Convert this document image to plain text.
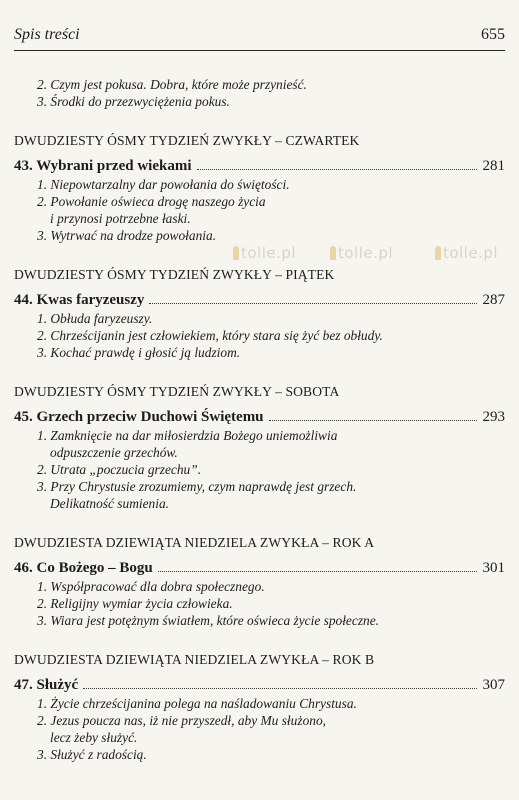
Spis treści	655
tolle.pl	tolle.pl	tolle.pl
2. Czym jest pokusa. Dobra, które może przynieść.
3. Środki do przezwyciężenia pokus.
DWUDZIESTY ÓSMY TYDZIEŃ ZWYKŁY – CZWARTEK
43. Wybrani przed wiekami	281
1. Niepowtarzalny dar powołania do świętości.
2. Powołanie oświeca drogę naszego życia
i przynosi potrzebne łaski.
3. Wytrwać na drodze powołania.
DWUDZIESTY ÓSMY TYDZIEŃ ZWYKŁY – PIĄTEK
44. Kwas faryzeuszy	287
1. Obłuda faryzeuszy.
2. Chrześcijanin jest człowiekiem, który stara się żyć bez obłudy.
3. Kochać prawdę i głosić ją ludziom.
DWUDZIESTY ÓSMY TYDZIEŃ ZWYKŁY – SOBOTA
45. Grzech przeciw Duchowi Świętemu	293
1. Zamknięcie na dar miłosierdzia Bożego uniemożliwia
odpuszczenie grzechów.
2. Utrata „poczucia grzechu”.
3. Przy Chrystusie zrozumiemy, czym naprawdę jest grzech.
Delikatność sumienia.
DWUDZIESTA DZIEWIĄTA NIEDZIELA ZWYKŁA – ROK A
46. Co Bożego – Bogu	301
1. Współpracować dla dobra społecznego.
2. Religijny wymiar życia człowieka.
3. Wiara jest potężnym światłem, które oświeca życie społeczne.
DWUDZIESTA DZIEWIĄTA NIEDZIELA ZWYKŁA – ROK B
47. Służyć	307
1. Życie chrześcijanina polega na naśladowaniu Chrystusa.
2. Jezus poucza nas, iż nie przyszedł, aby Mu służono,
lecz żeby służyć.
3. Służyć z radością.
